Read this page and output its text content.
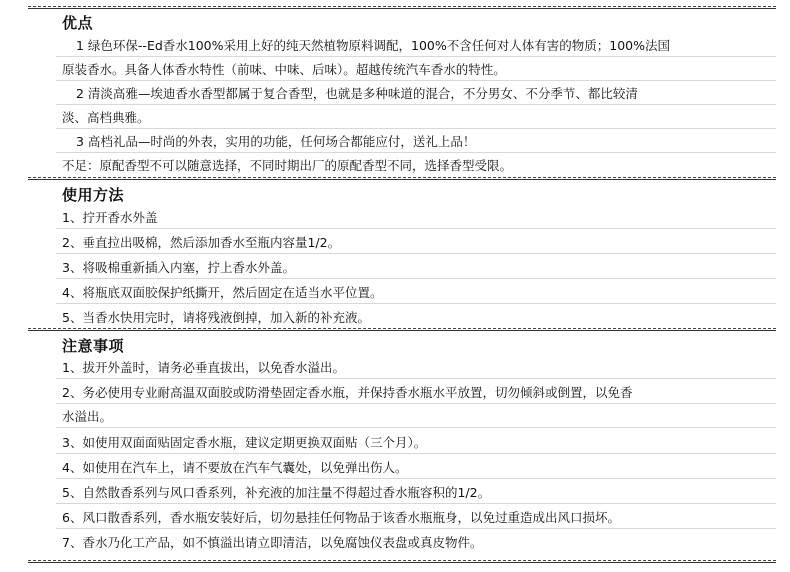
优点
1 绿色环保--Ed香水100%采用上好的纯天然植物原料调配，100%不含任何对人体有害的物质；100%法国
原装香水。具备人体香水特性（前味、中味、后味）。超越传统汽车香水的特性。
2 清淡高雅—埃迪香水香型都属于复合香型，也就是多种味道的混合，不分男女、不分季节、都比较清
淡、高档典雅。
3 高档礼品—时尚的外表，实用的功能，任何场合都能应付，送礼上品！
不足：原配香型不可以随意选择，不同时期出厂的原配香型不同，选择香型受限。
使用方法
1、拧开香水外盖
2、垂直拉出吸棉，然后添加香水至瓶内容量1/2。
3、将吸棉重新插入内塞，拧上香水外盖。
4、将瓶底双面胶保护纸撕开，然后固定在适当水平位置。
5、当香水快用完时，请将残液倒掉，加入新的补充液。
注意事项
1、拔开外盖时，请务必垂直拔出，以免香水溢出。
2、务必使用专业耐高温双面胶或防滑垫固定香水瓶，并保持香水瓶水平放置，切勿倾斜或倒置，以免香
水溢出。
3、如使用双面面贴固定香水瓶，建议定期更换双面贴（三个月）。
4、如使用在汽车上，请不要放在汽车气囊处，以免弹出伤人。
5、自然散香系列与风口香系列，补充液的加注量不得超过香水瓶容积的1/2。
6、风口散香系列，香水瓶安装好后，切勿悬挂任何物品于该香水瓶瓶身，以免过重造成出风口损坏。
7、香水乃化工产品，如不慎溢出请立即清洁，以免腐蚀仪表盘或真皮物件。
